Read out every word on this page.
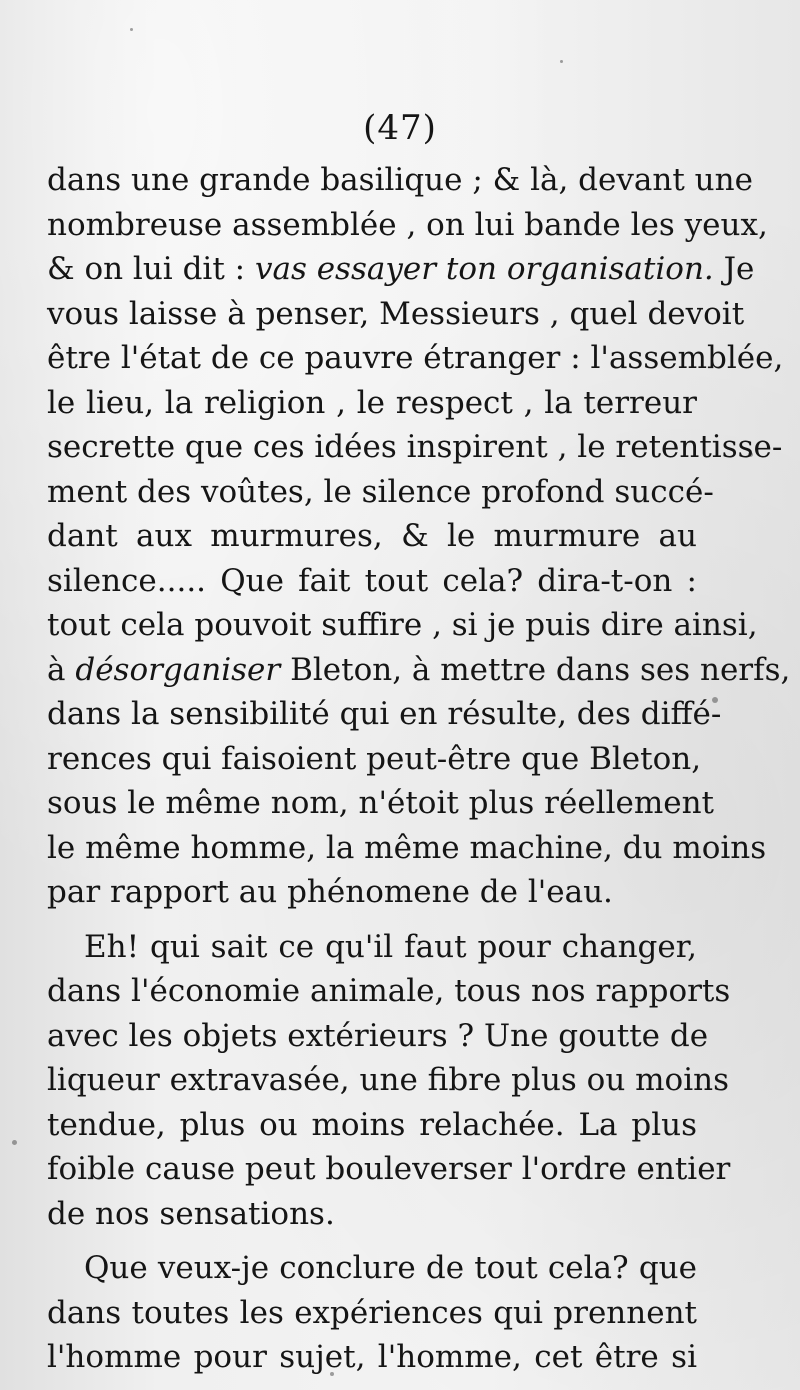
(47)
dans une grande basilique ; & là, devant une
nombreuse assemblée , on lui bande les yeux,
& on lui dit : vas essayer ton organisation. Je
vous laisse à penser, Messieurs , quel devoit
être l'état de ce pauvre étranger : l'assemblée,
le lieu, la religion , le respect , la terreur
secrette que ces idées inspirent , le retentisse-
ment des voûtes, le silence profond succé-
dant aux murmures, & le murmure au
silence..... Que fait tout cela? dira-t-on :
tout cela pouvoit suffire , si je puis dire ainsi,
à désorganiser Bleton, à mettre dans ses nerfs,
dans la sensibilité qui en résulte, des diffé-
rences qui faisoient peut-être que Bleton,
sous le même nom, n'étoit plus réellement
le même homme, la même machine, du moins
par rapport au phénomene de l'eau.
Eh! qui sait ce qu'il faut pour changer,
dans l'économie animale, tous nos rapports
avec les objets extérieurs ? Une goutte de
liqueur extravasée, une fibre plus ou moins
tendue, plus ou moins relachée. La plus
foible cause peut bouleverser l'ordre entier
de nos sensations.
Que veux-je conclure de tout cela? que
dans toutes les expériences qui prennent
l'homme pour sujet, l'homme, cet être si
